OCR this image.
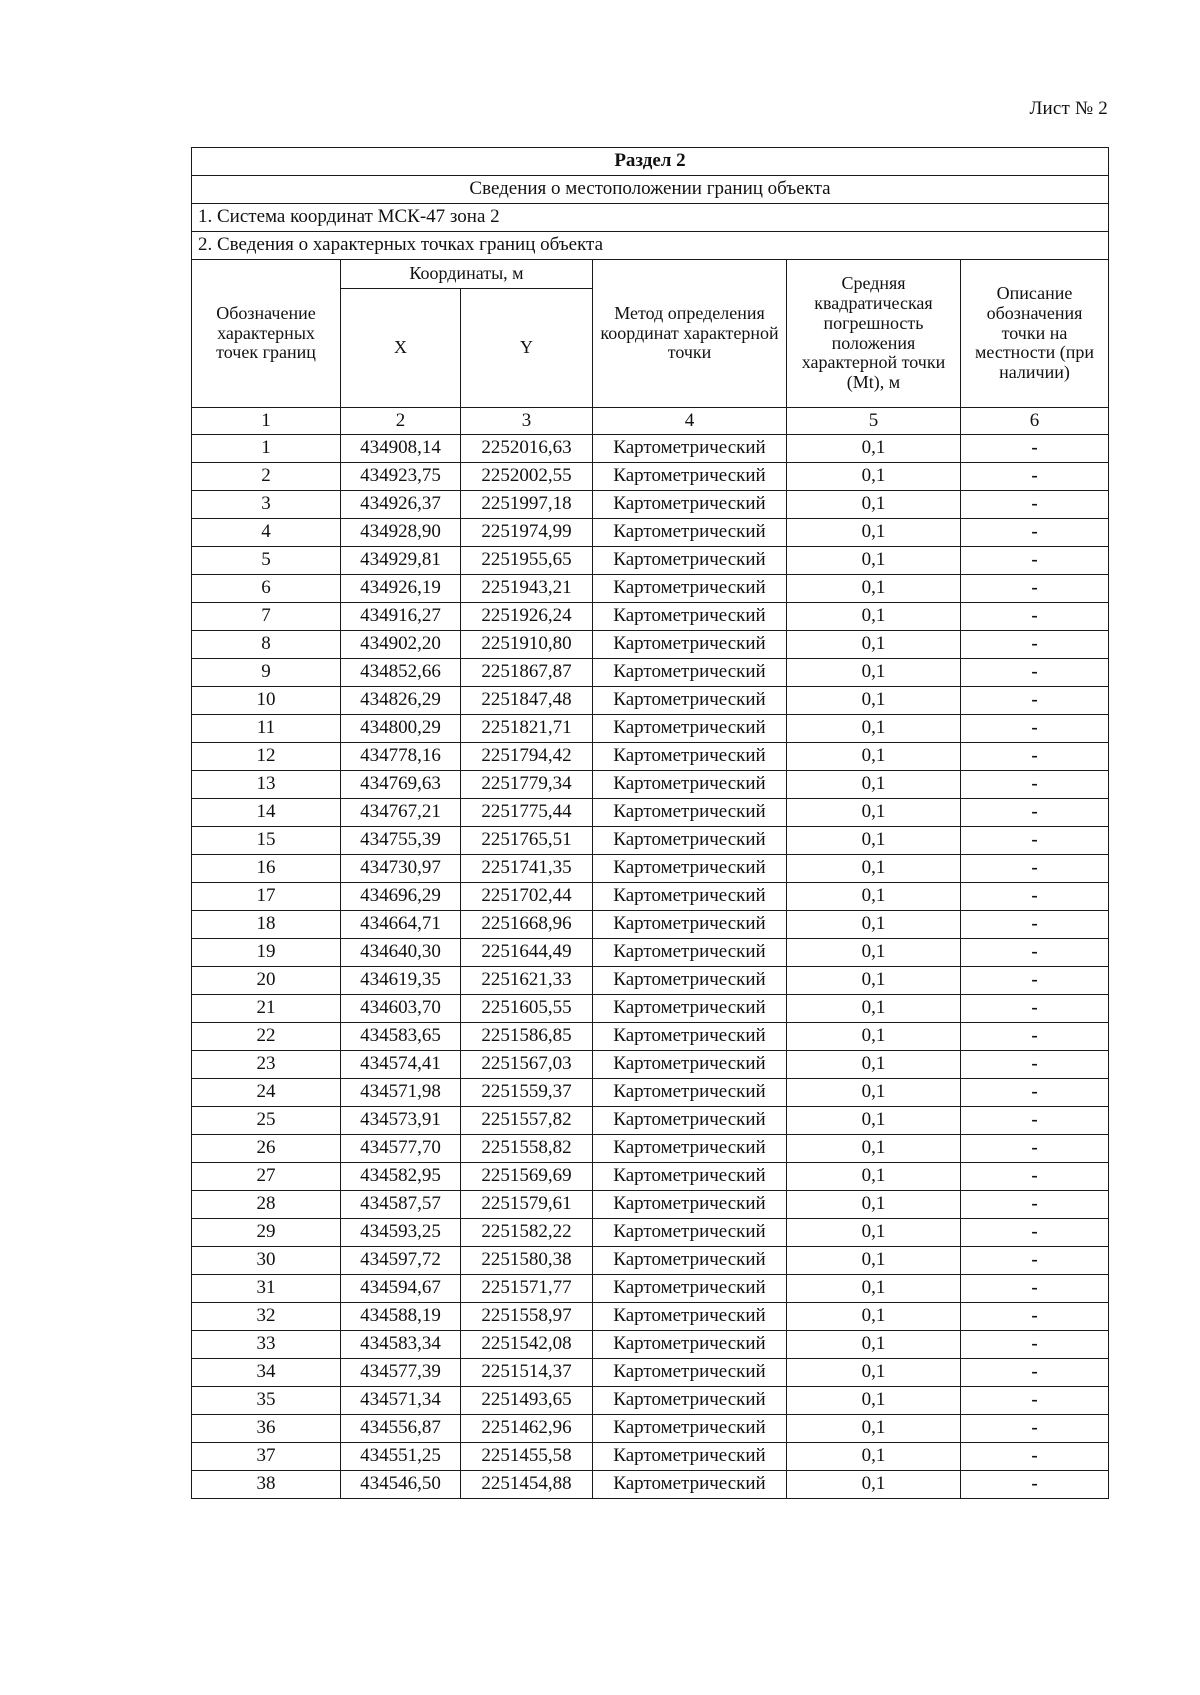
Лист № 2
Раздел 2					
Сведения о местоположении границ объекта					
1. Система координат МСК-47 зона 2					
2. Сведения о характерных точках границ объекта					
Обозначение характерных точек границ	Координаты, м		Метод определения координат характерной точки	Средняя квадратическая погрешность положения характерной точки (Mt), м	Описание обозначения точки на местности (при наличии)
	X	Y			
1	2	3	4	5	6
1	434908,14	2252016,63	Картометрический	0,1	-
2	434923,75	2252002,55	Картометрический	0,1	-
3	434926,37	2251997,18	Картометрический	0,1	-
4	434928,90	2251974,99	Картометрический	0,1	-
5	434929,81	2251955,65	Картометрический	0,1	-
6	434926,19	2251943,21	Картометрический	0,1	-
7	434916,27	2251926,24	Картометрический	0,1	-
8	434902,20	2251910,80	Картометрический	0,1	-
9	434852,66	2251867,87	Картометрический	0,1	-
10	434826,29	2251847,48	Картометрический	0,1	-
11	434800,29	2251821,71	Картометрический	0,1	-
12	434778,16	2251794,42	Картометрический	0,1	-
13	434769,63	2251779,34	Картометрический	0,1	-
14	434767,21	2251775,44	Картометрический	0,1	-
15	434755,39	2251765,51	Картометрический	0,1	-
16	434730,97	2251741,35	Картометрический	0,1	-
17	434696,29	2251702,44	Картометрический	0,1	-
18	434664,71	2251668,96	Картометрический	0,1	-
19	434640,30	2251644,49	Картометрический	0,1	-
20	434619,35	2251621,33	Картометрический	0,1	-
21	434603,70	2251605,55	Картометрический	0,1	-
22	434583,65	2251586,85	Картометрический	0,1	-
23	434574,41	2251567,03	Картометрический	0,1	-
24	434571,98	2251559,37	Картометрический	0,1	-
25	434573,91	2251557,82	Картометрический	0,1	-
26	434577,70	2251558,82	Картометрический	0,1	-
27	434582,95	2251569,69	Картометрический	0,1	-
28	434587,57	2251579,61	Картометрический	0,1	-
29	434593,25	2251582,22	Картометрический	0,1	-
30	434597,72	2251580,38	Картометрический	0,1	-
31	434594,67	2251571,77	Картометрический	0,1	-
32	434588,19	2251558,97	Картометрический	0,1	-
33	434583,34	2251542,08	Картометрический	0,1	-
34	434577,39	2251514,37	Картометрический	0,1	-
35	434571,34	2251493,65	Картометрический	0,1	-
36	434556,87	2251462,96	Картометрический	0,1	-
37	434551,25	2251455,58	Картометрический	0,1	-
38	434546,50	2251454,88	Картометрический	0,1	-
